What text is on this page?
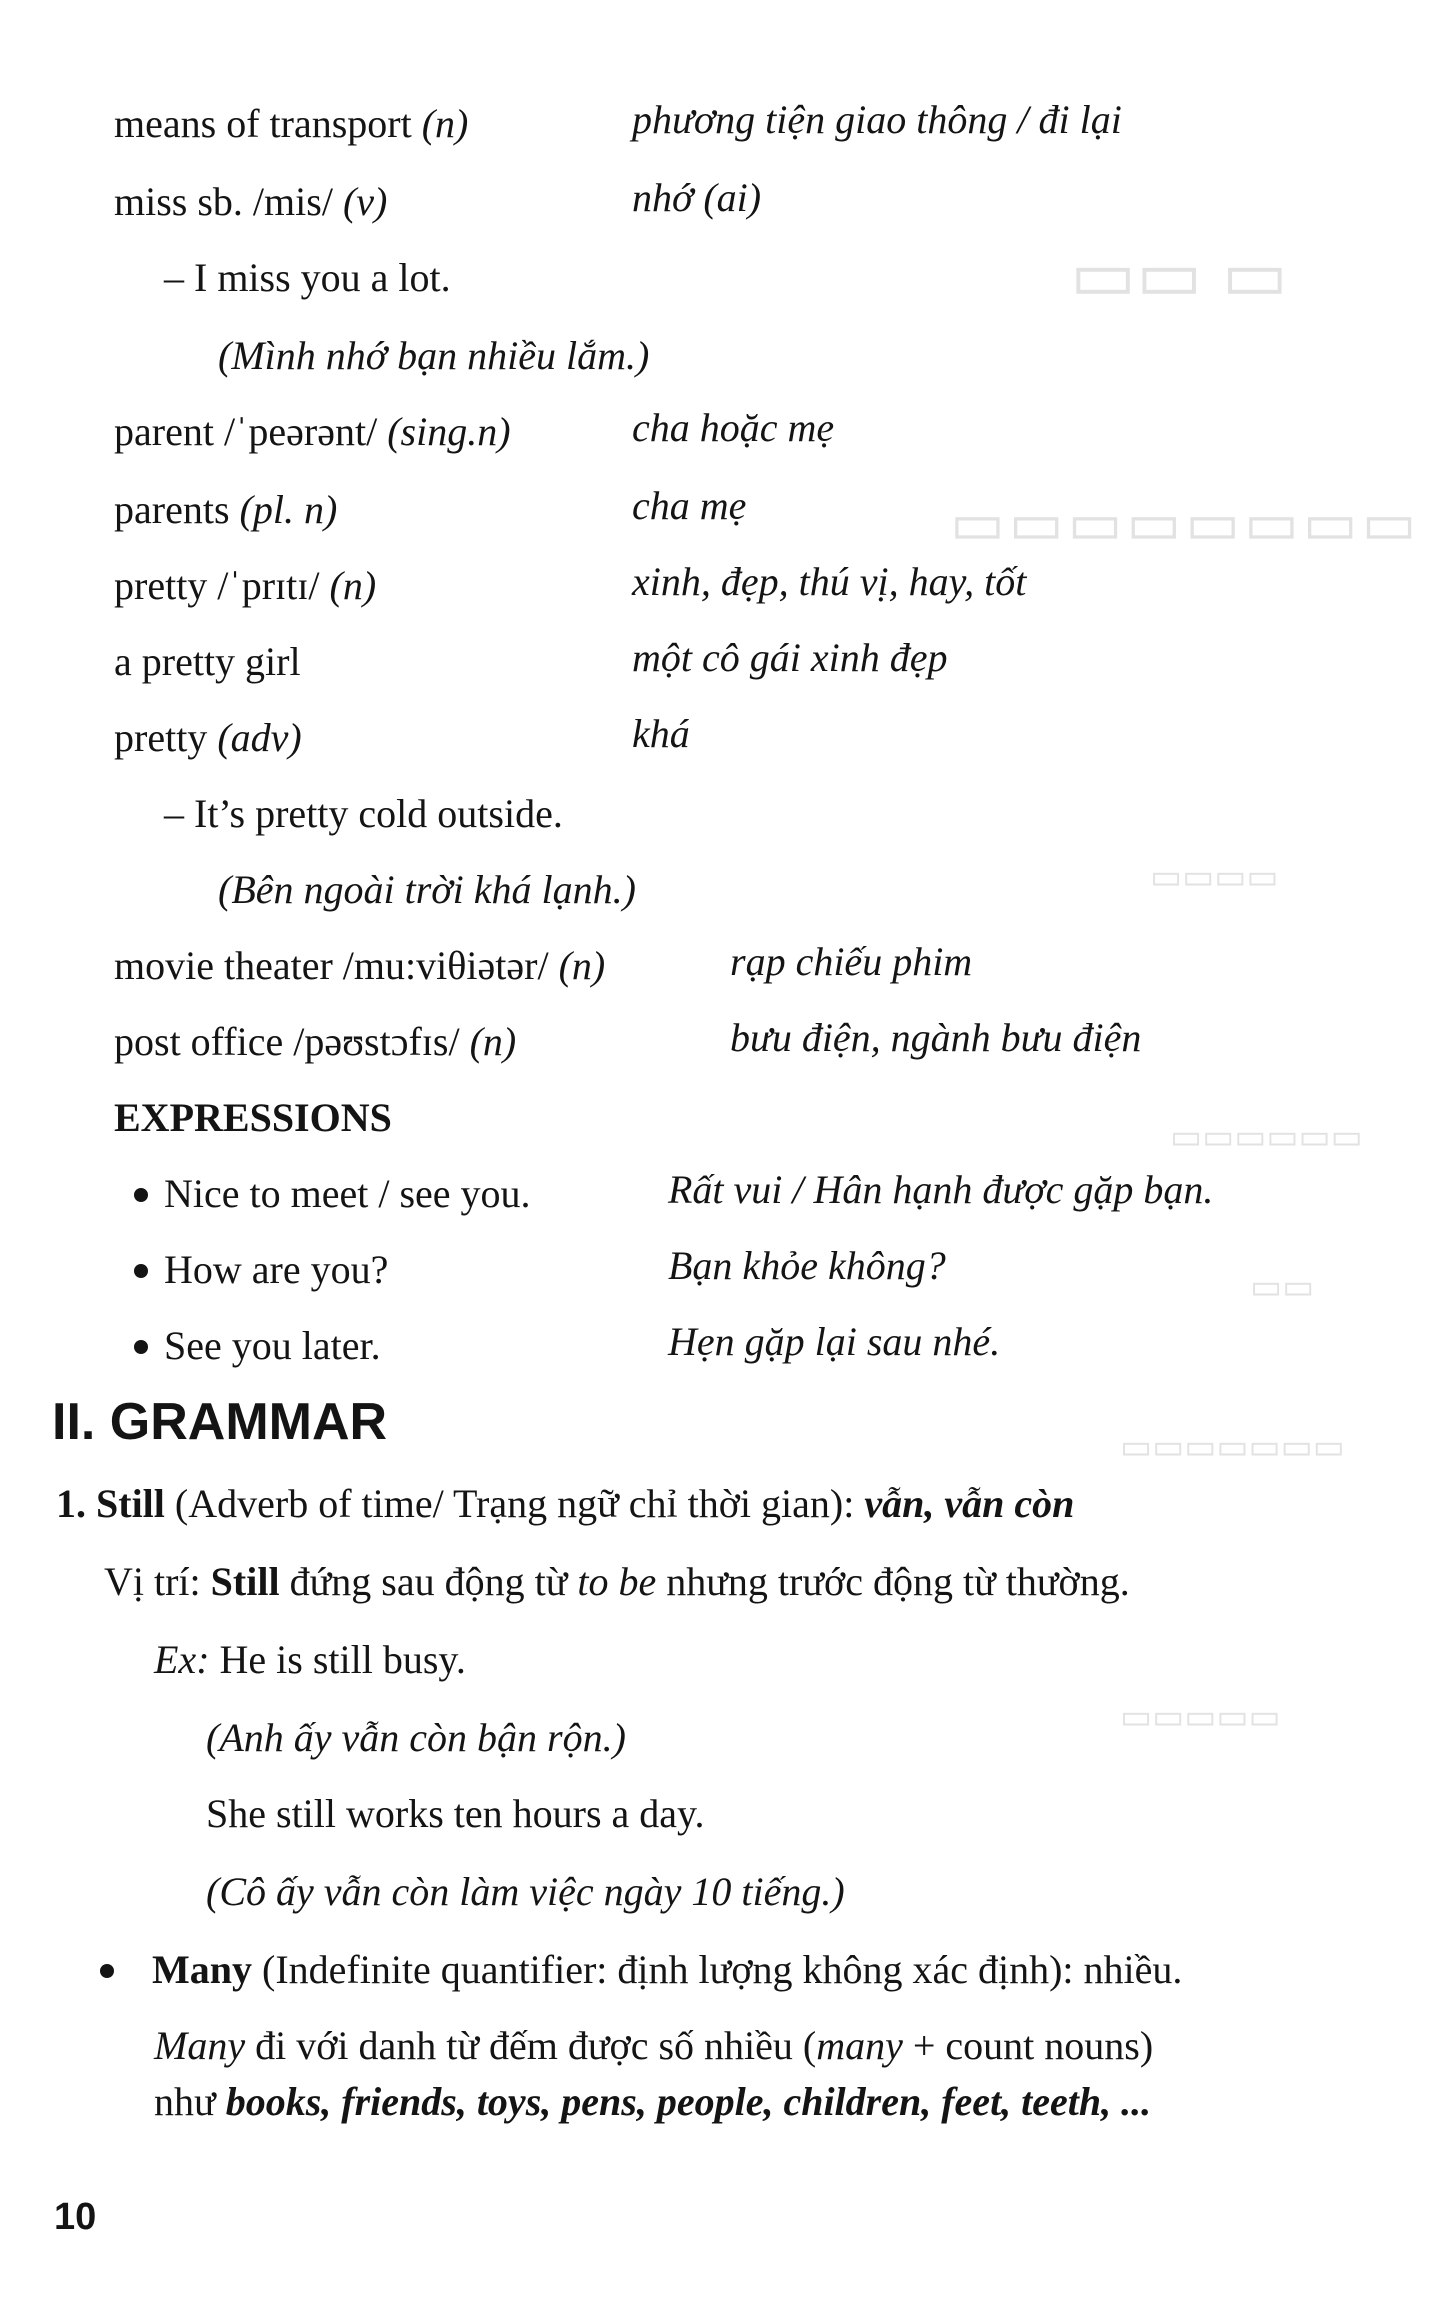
▭▭ ▭
▭▭▭▭▭▭▭▭
▭▭▭▭
▭▭▭▭▭▭
▭▭
▭▭▭▭▭▭▭
▭▭▭▭▭
means of transport (n)	phương tiện giao thông / đi lại
miss sb. /mis/ (v)	nhớ (ai)
– I miss you a lot.
(Mình nhớ bạn nhiều lắm.)
parent /ˈpeərənt/ (sing.n)	cha hoặc mẹ
parents (pl. n)	cha mẹ
pretty /ˈprɪtɪ/ (n)	xinh, đẹp, thú vị, hay, tốt
a pretty girl	một cô gái xinh đẹp
pretty (adv)	khá
– It’s pretty cold outside.
(Bên ngoài trời khá lạnh.)
movie theater /mu:viθiətər/ (n)	rạp chiếu phim
post office /pəʊstɔfɪs/ (n)	bưu điện, ngành bưu điện
EXPRESSIONS
Nice to meet / see you.	Rất vui / Hân hạnh được gặp bạn.
How are you?	Bạn khỏe không?
See you later.	Hẹn gặp lại sau nhé.
II. GRAMMAR
1. Still (Adverb of time/ Trạng ngữ chỉ thời gian): vẫn, vẫn còn
Vị trí: Still đứng sau động từ to be nhưng trước động từ thường.
Ex: He is still busy.
(Anh ấy vẫn còn bận rộn.)
She still works ten hours a day.
(Cô ấy vẫn còn làm việc ngày 10 tiếng.)
Many (Indefinite quantifier: định lượng không xác định): nhiều.
Many đi với danh từ đếm được số nhiều (many + count nouns)
như books, friends, toys, pens, people, children, feet, teeth, ...
10
